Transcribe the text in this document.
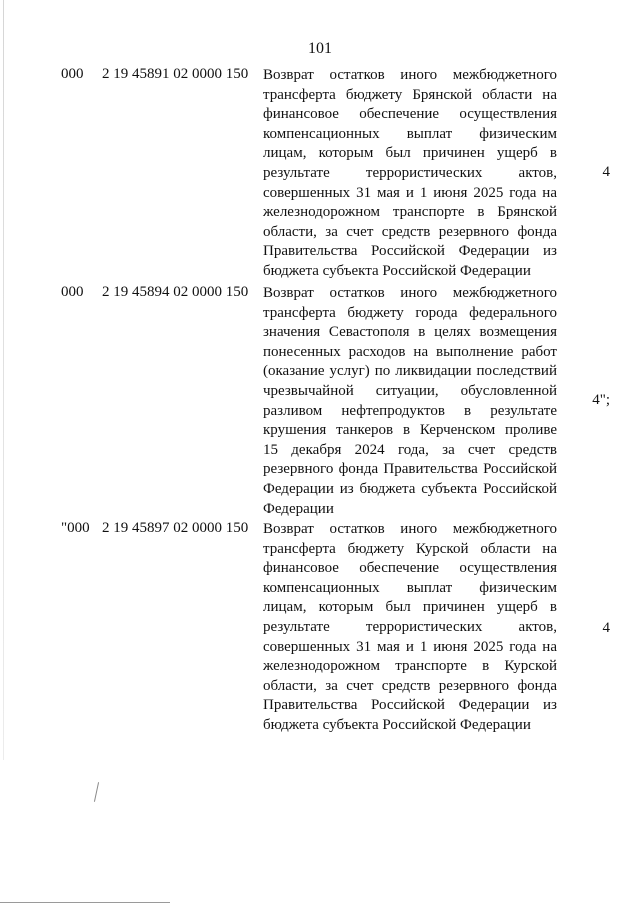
101
000 2 19 45891 02 0000 150 Возврат остатков иного межбюджетного
трансферта бюджету Брянской области на
финансовое обеспечение осуществления
компенсационных выплат физическим
лицам, которым был причинен ущерб в
результате террористических актов,
совершенных 31 мая и 1 июня 2025 года на
железнодорожном транспорте в Брянской
области, за счет средств резервного фонда
Правительства Российской Федерации из
бюджета субъекта Российской Федерации
4
000 2 19 45894 02 0000 150 Возврат остатков иного межбюджетного
трансферта бюджету города федерального
значения Севастополя в целях возмещения
понесенных расходов на выполнение работ
(оказание услуг) по ликвидации последствий
чрезвычайной ситуации, обусловленной
разливом нефтепродуктов в результате
крушения танкеров в Керченском проливе
15 декабря 2024 года, за счет средств
резервного фонда Правительства Российской
Федерации из бюджета субъекта Российской
Федерации
4";
"000 2 19 45897 02 0000 150 Возврат остатков иного межбюджетного
трансферта бюджету Курской области на
финансовое обеспечение осуществления
компенсационных выплат физическим
лицам, которым был причинен ущерб в
результате террористических актов,
совершенных 31 мая и 1 июня 2025 года на
железнодорожном транспорте в Курской
области, за счет средств резервного фонда
Правительства Российской Федерации из
бюджета субъекта Российской Федерации
4
